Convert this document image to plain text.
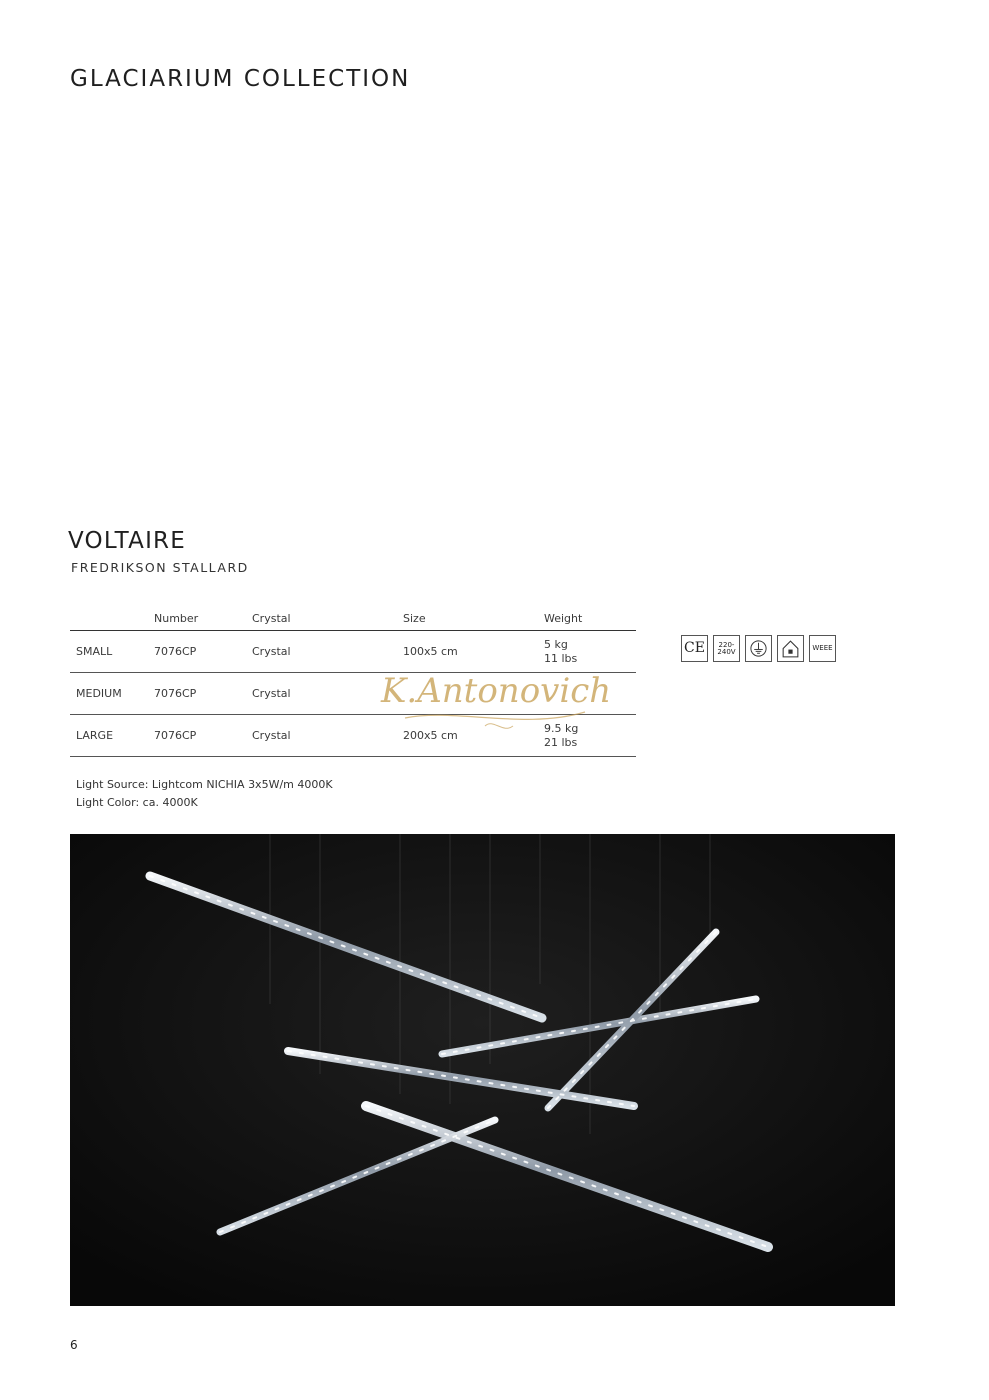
GLACIARIUM COLLECTION
VOLTAIRE
FREDRIKSON STALLARD
	Number	Crystal	Size	Weight
SMALL	7076CP	Crystal	100x5 cm	5 kg
11 lbs

MEDIUM	7076CP	Crystal		

LARGE	7076CP	Crystal	200x5 cm	9.5 kg
21 lbs
K.Antonovich
CE	220-240V	WEEE
Light Source: Lightcom NICHIA 3x5W/m 4000K
Light Color: ca. 4000K
6
